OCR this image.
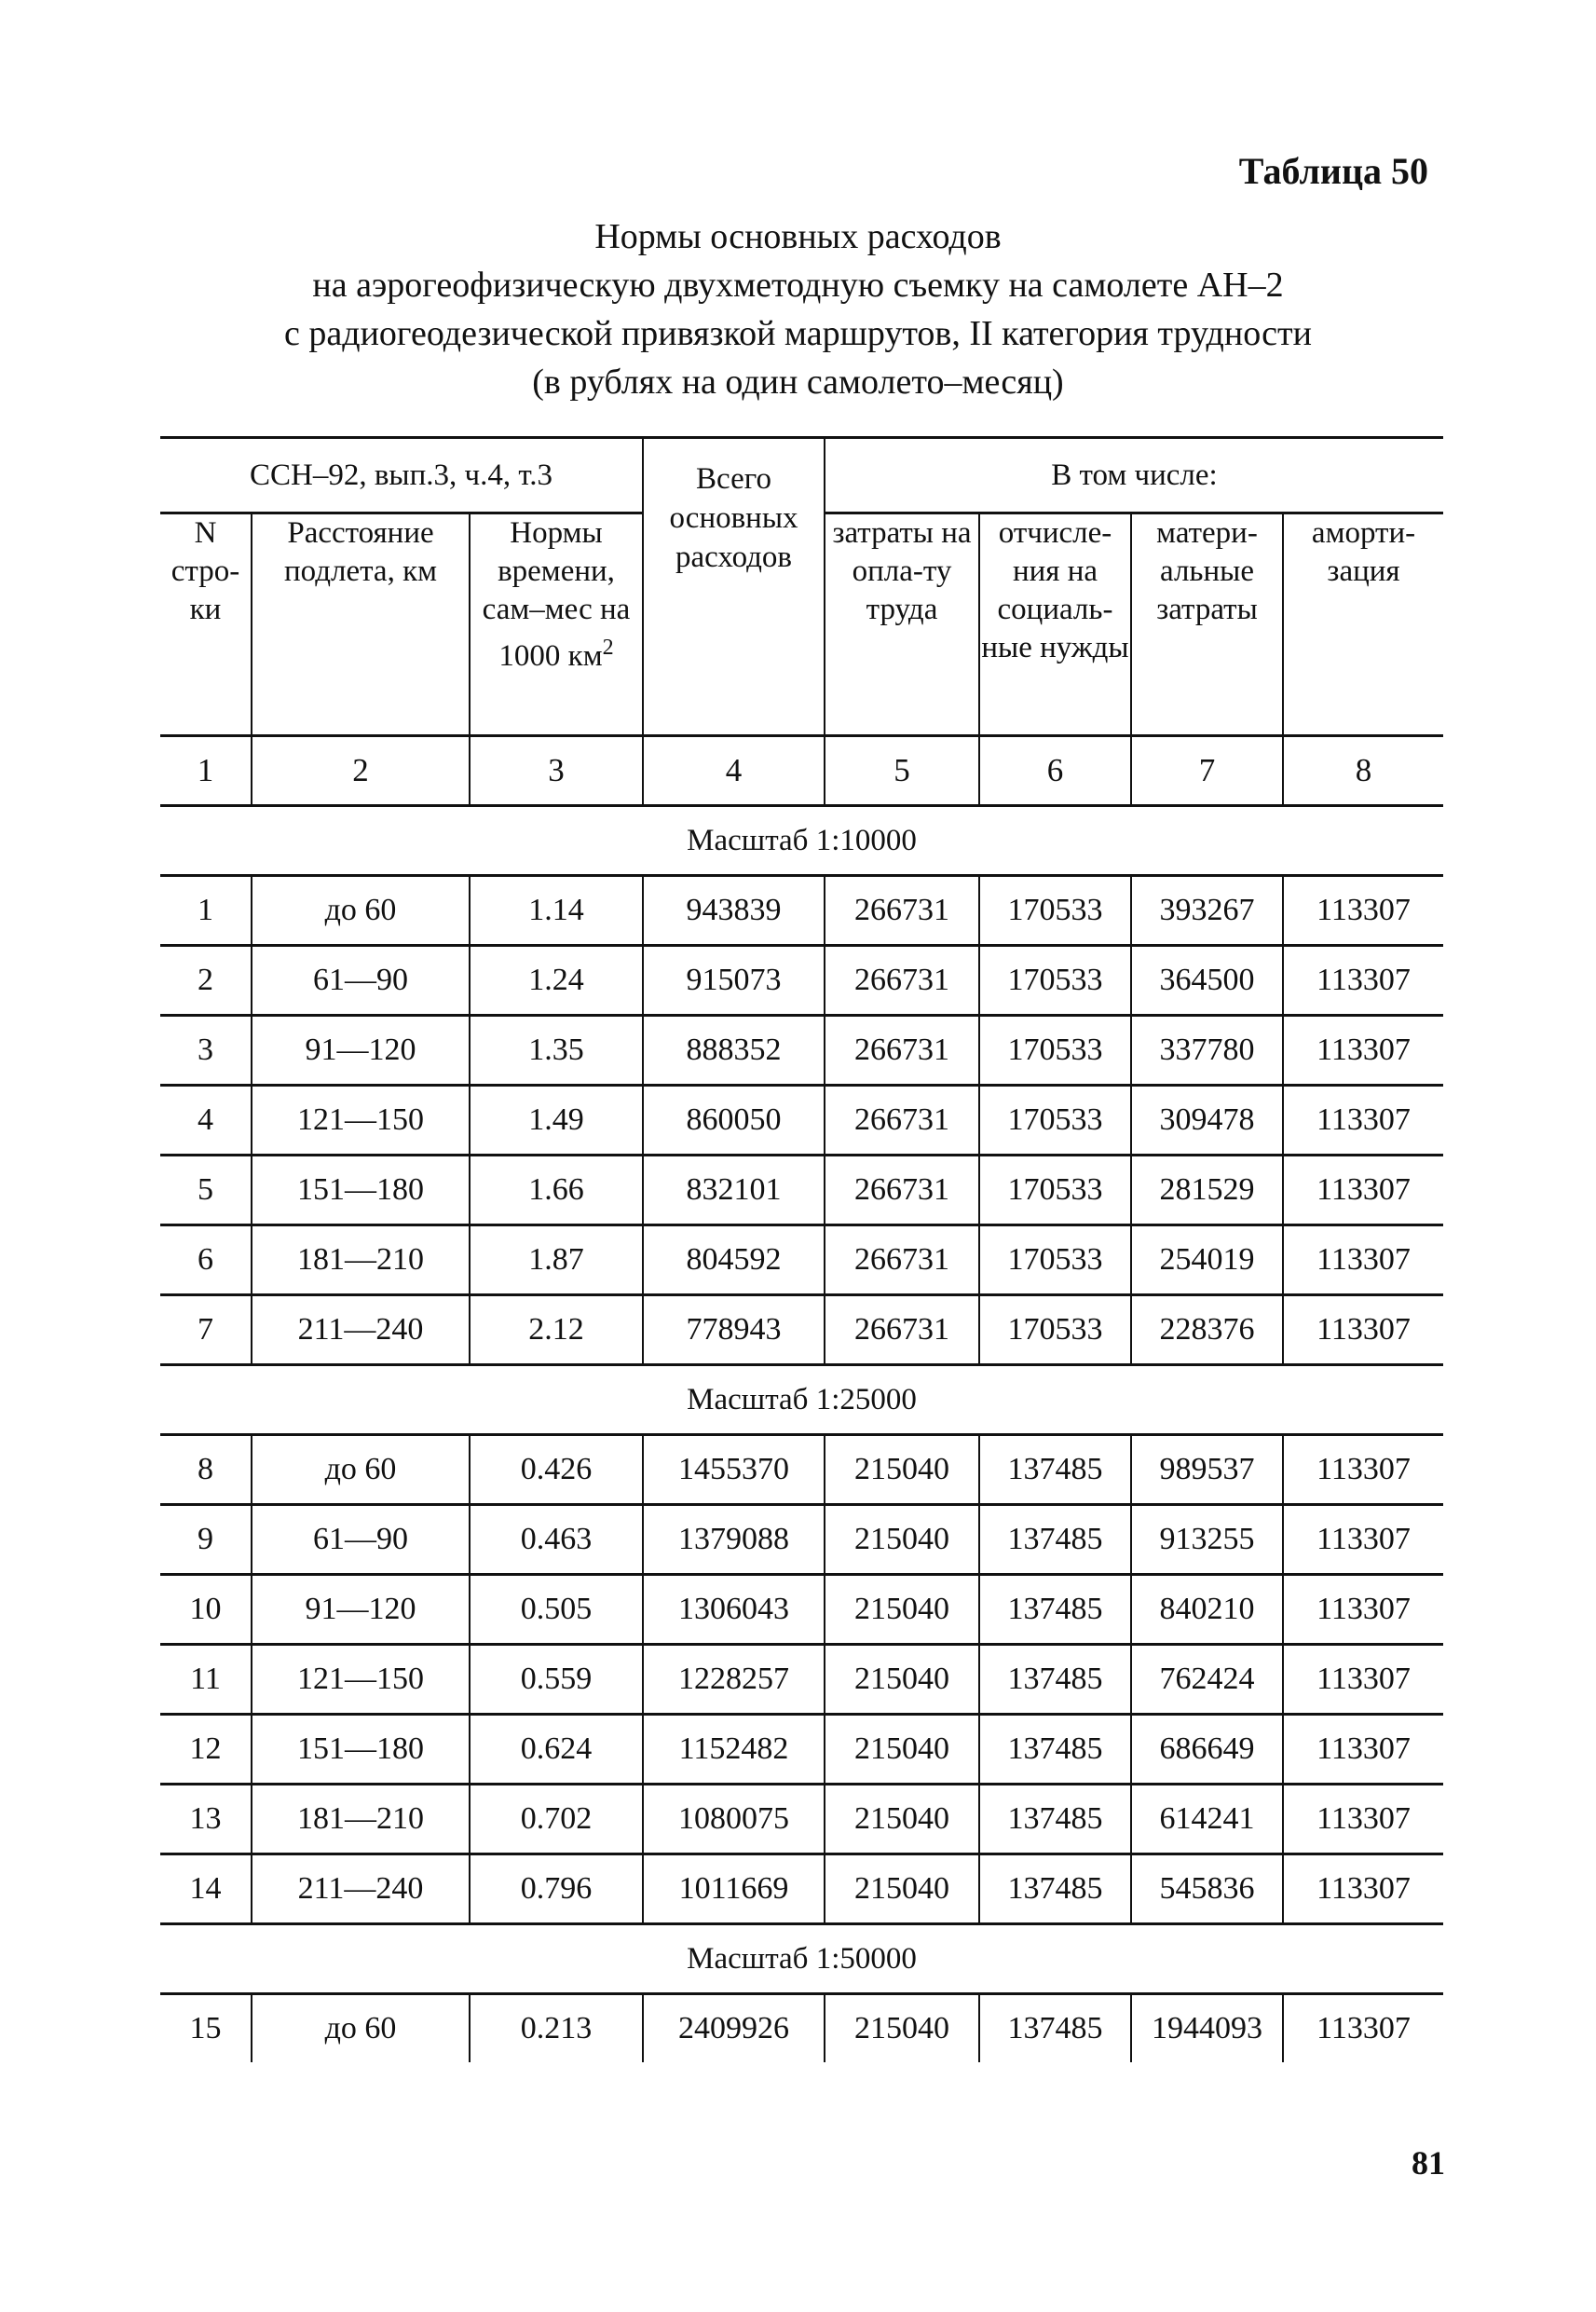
Таблица 50
Нормы основных расходов
на аэрогеофизическую двухметодную съемку на самолете АН–2
с радиогеодезической привязкой маршрутов, II категория трудности
(в рублях на один самолето–месяц)
ССН–92, вып.3, ч.4, т.3			Всего основных расходов	В том числе:			
N стро-ки	Расстояние подлета, км	Нормы времени, сам–мес на 1000 $км^2$		затраты на опла-ту труда	отчисле-ния на социаль-ные нужды	матери-альные затраты	аморти-зация
1	2	3	4	5	6	7	8
Масштаб 1:10000							
1	до 60	1.14	943839	266731	170533	393267	113307
2	61—90	1.24	915073	266731	170533	364500	113307
3	91—120	1.35	888352	266731	170533	337780	113307
4	121—150	1.49	860050	266731	170533	309478	113307
5	151—180	1.66	832101	266731	170533	281529	113307
6	181—210	1.87	804592	266731	170533	254019	113307
7	211—240	2.12	778943	266731	170533	228376	113307
Масштаб 1:25000							
8	до 60	0.426	1455370	215040	137485	989537	113307
9	61—90	0.463	1379088	215040	137485	913255	113307
10	91—120	0.505	1306043	215040	137485	840210	113307
11	121—150	0.559	1228257	215040	137485	762424	113307
12	151—180	0.624	1152482	215040	137485	686649	113307
13	181—210	0.702	1080075	215040	137485	614241	113307
14	211—240	0.796	1011669	215040	137485	545836	113307
Масштаб 1:50000							
15	до 60	0.213	2409926	215040	137485	1944093	113307
81
